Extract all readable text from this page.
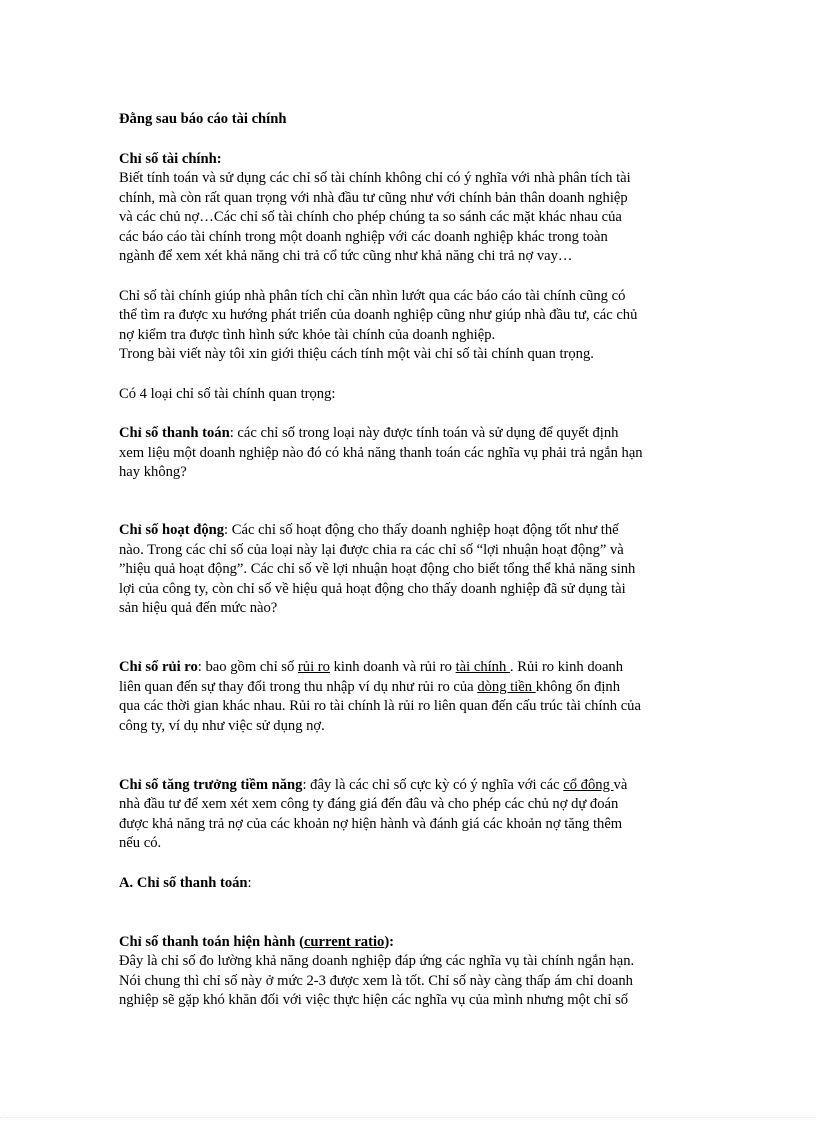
Đằng sau báo cáo tài chính
Chỉ số tài chính:
Biết tính toán và sử dụng các chỉ số tài chính không chỉ có ý nghĩa với nhà phân tích tài
chính, mà còn rất quan trọng với nhà đầu tư cũng như với chính bản thân doanh nghiệp
và các chủ nợ…Các chỉ số tài chính cho phép chúng ta so sánh các mặt khác nhau của
các báo cáo tài chính trong một doanh nghiệp với các doanh nghiệp khác trong toàn
ngành để xem xét khả năng chi trả cổ tức cũng như khả năng chi trả nợ vay…
Chỉ số tài chính giúp nhà phân tích chỉ cần nhìn lướt qua các báo cáo tài chính cũng có
thể tìm ra được xu hướng phát triển của doanh nghiệp cũng như giúp nhà đầu tư, các chủ
nợ kiểm tra được tình hình sức khỏe tài chính của doanh nghiệp.
Trong bài viết này tôi xin giới thiệu cách tính một vài chỉ số tài chính quan trọng.
Có 4 loại chỉ số tài chính quan trọng:
Chỉ số thanh toán: các chỉ số trong loại này được tính toán và sử dụng để quyết định
xem liệu một doanh nghiệp nào đó có khả năng thanh toán các nghĩa vụ phải trả ngắn hạn
hay không?
Chỉ số hoạt động: Các chỉ số hoạt động cho thấy doanh nghiệp hoạt động tốt như thế
nào. Trong các chỉ số của loại này lại được chia ra các chỉ số “lợi nhuận hoạt động” và
”hiệu quả hoạt động”. Các chỉ số về lợi nhuận hoạt động cho biết tổng thể khả năng sinh
lợi của công ty, còn chỉ số về hiệu quả hoạt động cho thấy doanh nghiệp đã sử dụng tài
sản hiệu quả đến mức nào?
Chỉ số rủi ro: bao gồm chỉ số rủi ro kinh doanh và rủi ro tài chính . Rủi ro kinh doanh
liên quan đến sự thay đổi trong thu nhập ví dụ như rủi ro của dòng tiền không ổn định
qua các thời gian khác nhau. Rủi ro tài chính là rủi ro liên quan đến cấu trúc tài chính của
công ty, ví dụ như việc sử dụng nợ.
Chỉ số tăng trưởng tiềm năng: đây là các chỉ số cực kỳ có ý nghĩa với các cổ đông và
nhà đầu tư để xem xét xem công ty đáng giá đến đâu và cho phép các chủ nợ dự đoán
được khả năng trả nợ của các khoản nợ hiện hành và đánh giá các khoản nợ tăng thêm
nếu có.
A. Chỉ số thanh toán:
Chỉ số thanh toán hiện hành (current ratio):
Đây là chỉ số đo lường khả năng doanh nghiệp đáp ứng các nghĩa vụ tài chính ngắn hạn.
Nói chung thì chỉ số này ở mức 2-3 được xem là tốt. Chỉ số này càng thấp ám chỉ doanh
nghiệp sẽ gặp khó khăn đối với việc thực hiện các nghĩa vụ của mình nhưng một chỉ số
